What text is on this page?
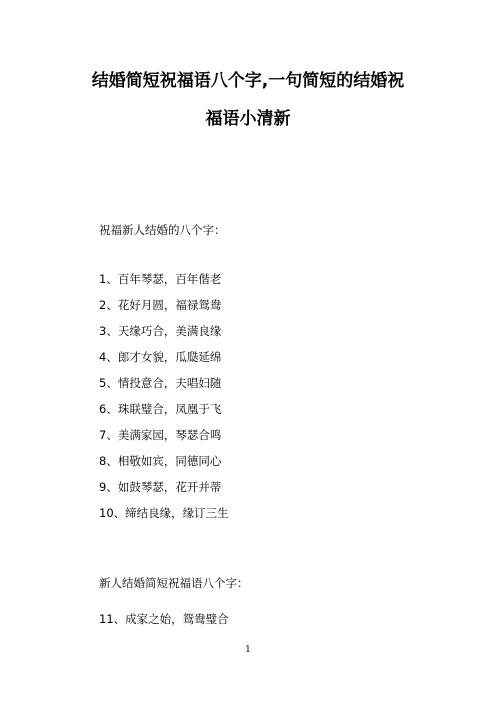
结婚简短祝福语八个字,一句简短的结婚祝
福语小清新
祝福新人结婚的八个字：
1、百年琴瑟，百年偕老
2、花好月圆，福禄鸳鸯
3、天缘巧合，美满良缘
4、郎才女貌，瓜瓞延绵
5、情投意合，夫唱妇随
6、珠联璧合，凤凰于飞
7、美满家园，琴瑟合鸣
8、相敬如宾，同德同心
9、如鼓琴瑟，花开并蒂
10、缔结良缘，缘订三生
新人结婚简短祝福语八个字：
11、成家之始，鸳鸯璧合
1
